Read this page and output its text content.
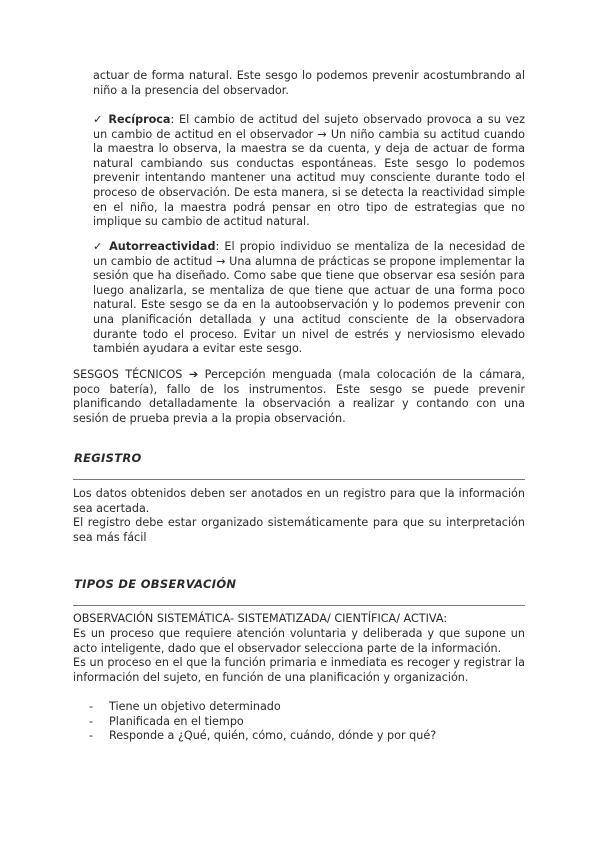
actuar de forma natural. Este sesgo lo podemos prevenir acostumbrando al niño a la presencia del observador.

✓ Recíproca: El cambio de actitud del sujeto observado provoca a su vez un cambio de actitud en el observador → Un niño cambia su actitud cuando la maestra lo observa, la maestra se da cuenta, y deja de actuar de forma natural cambiando sus conductas espontáneas. Este sesgo lo podemos prevenir intentando mantener una actitud muy consciente durante todo el proceso de observación. De esta manera, si se detecta la reactividad simple en el niño, la maestra podrá pensar en otro tipo de estrategias que no implique su cambio de actitud natural.

✓ Autorreactividad: El propio individuo se mentaliza de la necesidad de un cambio de actitud → Una alumna de prácticas se propone implementar la sesión que ha diseñado. Como sabe que tiene que observar esa sesión para luego analizarla, se mentaliza de que tiene que actuar de una forma poco natural. Este sesgo se da en la autoobservación y lo podemos prevenir con una planificación detallada y una actitud consciente de la observadora durante todo el proceso. Evitar un nivel de estrés y nerviosismo elevado también ayudara a evitar este sesgo.

SESGOS TÉCNICOS ➔ Percepción menguada (mala colocación de la cámara, poco batería), fallo de los instrumentos. Este sesgo se puede prevenir planificando detalladamente la observación a realizar y contando con una sesión de prueba previa a la propia observación.

REGISTRO

Los datos obtenidos deben ser anotados en un registro para que la información sea acertada.

El registro debe estar organizado sistemáticamente para que su interpretación sea más fácil

TIPOS DE OBSERVACIÓN

OBSERVACIÓN SISTEMÁTICA- SISTEMATIZADA/ CIENTÍFICA/ ACTIVA:

Es un proceso que requiere atención voluntaria y deliberada y que supone un acto inteligente, dado que el observador selecciona parte de la información.

Es un proceso en el que la función primaria e inmediata es recoger y registrar la información del sujeto, en función de una planificación y organización.

- Tiene un objetivo determinado
- Planificada en el tiempo
- Responde a ¿Qué, quién, cómo, cuándo, dónde y por qué?
